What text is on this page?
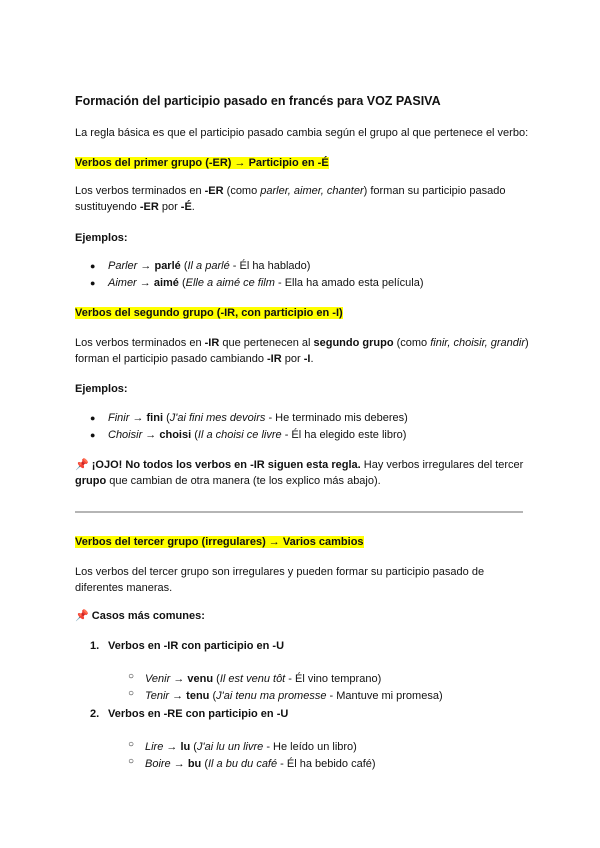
Formación del participio pasado en francés para VOZ PASIVA
La regla básica es que el participio pasado cambia según el grupo al que pertenece el verbo:
Verbos del primer grupo (-ER) → Participio en -É
Los verbos terminados en -ER (como parler, aimer, chanter) forman su participio pasado
sustituyendo -ER por -É.
Ejemplos:
● Parler → parlé (Il a parlé - Él ha hablado)
● Aimer → aimé (Elle a aimé ce film - Ella ha amado esta película)
Verbos del segundo grupo (-IR, con participio en -I)
Los verbos terminados en -IR que pertenecen al segundo grupo (como finir, choisir, grandir)
forman el participio pasado cambiando -IR por -I.
Ejemplos:
● Finir → fini (J'ai fini mes devoirs - He terminado mis deberes)
● Choisir → choisi (Il a choisi ce livre - Él ha elegido este libro)
📌 ¡OJO! No todos los verbos en -IR siguen esta regla. Hay verbos irregulares del tercer
grupo que cambian de otra manera (te los explico más abajo).
Verbos del tercer grupo (irregulares) → Varios cambios
Los verbos del tercer grupo son irregulares y pueden formar su participio pasado de
diferentes maneras.
📌 Casos más comunes:
1. Verbos en -IR con participio en -U
○ Venir → venu (Il est venu tôt - Él vino temprano)
○ Tenir → tenu (J'ai tenu ma promesse - Mantuve mi promesa)
2. Verbos en -RE con participio en -U
○ Lire → lu (J'ai lu un livre - He leído un libro)
○ Boire → bu (Il a bu du café - Él ha bebido café)
